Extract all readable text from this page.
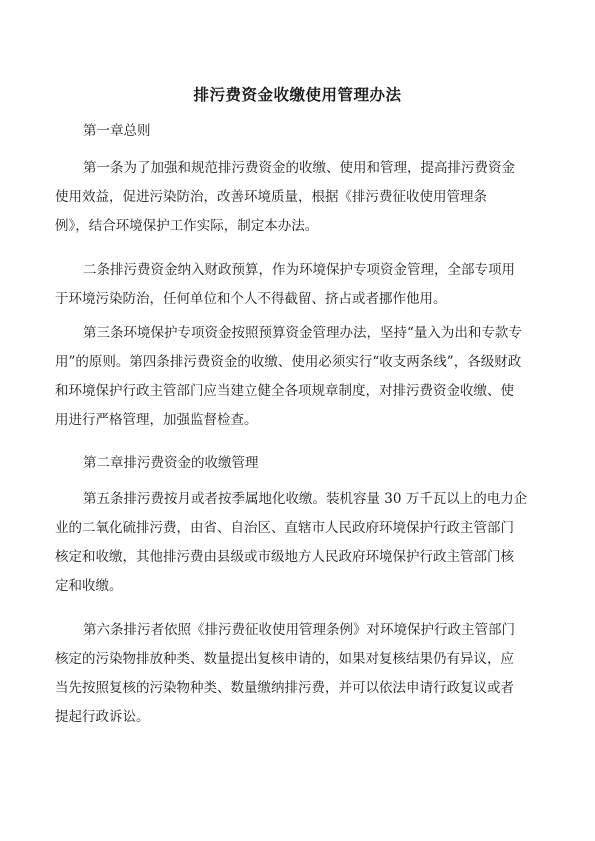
排污费资金收缴使用管理办法
第一章总则
第一条为了加强和规范排污费资金的收缴、使用和管理，提高排污费资金
使用效益，促进污染防治，改善环境质量，根据《排污费征收使用管理条
例》，结合环境保护工作实际，制定本办法。
二条排污费资金纳入财政预算，作为环境保护专项资金管理，全部专项用
于环境污染防治，任何单位和个人不得截留、挤占或者挪作他用。
第三条环境保护专项资金按照预算资金管理办法，坚持“量入为出和专款专
用”的原则。第四条排污费资金的收缴、使用必须实行“收支两条线”，各级财政
和环境保护行政主管部门应当建立健全各项规章制度，对排污费资金收缴、使
用进行严格管理，加强监督检查。
第二章排污费资金的收缴管理
第五条排污费按月或者按季属地化收缴。装机容量 30 万千瓦以上的电力企
业的二氧化硫排污费，由省、自治区、直辖市人民政府环境保护行政主管部门
核定和收缴，其他排污费由县级或市级地方人民政府环境保护行政主管部门核
定和收缴。
第六条排污者依照《排污费征收使用管理条例》对环境保护行政主管部门
核定的污染物排放种类、数量提出复核申请的，如果对复核结果仍有异议，应
当先按照复核的污染物种类、数量缴纳排污费，并可以依法申请行政复议或者
提起行政诉讼。
